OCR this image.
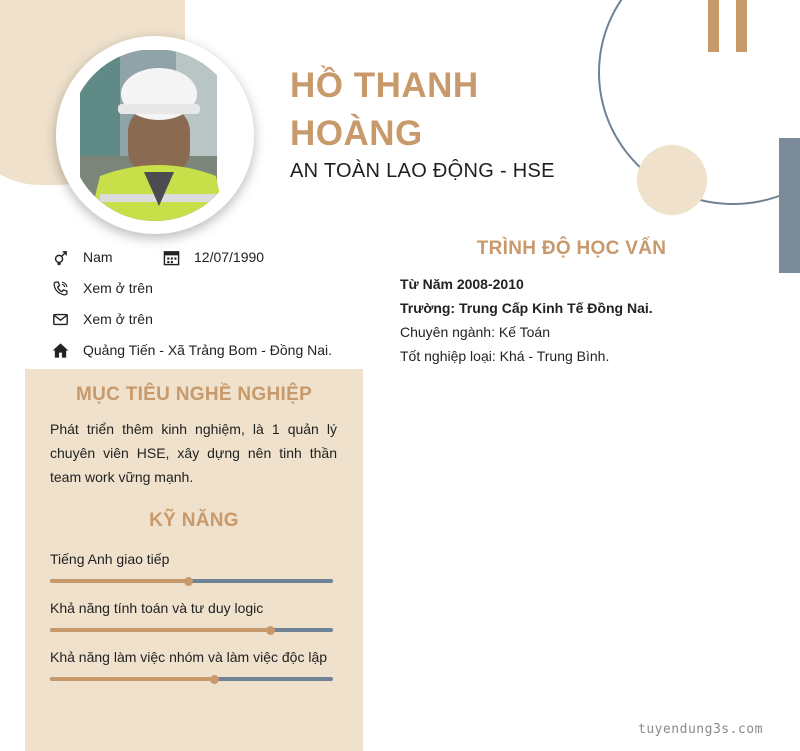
HỒ THANH HOÀNG
AN TOÀN LAO ĐỘNG - HSE
Nam	12/07/1990
Xem ở trên
Xem ở trên
Quảng Tiến - Xã Trảng Bom - Đồng Nai.
MỤC TIÊU NGHỀ NGHIỆP
Phát triển thêm kinh nghiệm, là 1 quản lý chuyên viên HSE, xây dựng nên tinh thần team work vững mạnh.
KỸ NĂNG
Tiếng Anh giao tiếp
Khả năng tính toán và tư duy logic
Khả năng làm việc nhóm và làm việc độc lập
TRÌNH ĐỘ HỌC VẤN
Từ Năm 2008-2010
Trường: Trung Cấp Kinh Tế Đồng Nai.
Chuyên ngành: Kế Toán
Tốt nghiệp loại: Khá - Trung Bình.
tuyendung3s.com
